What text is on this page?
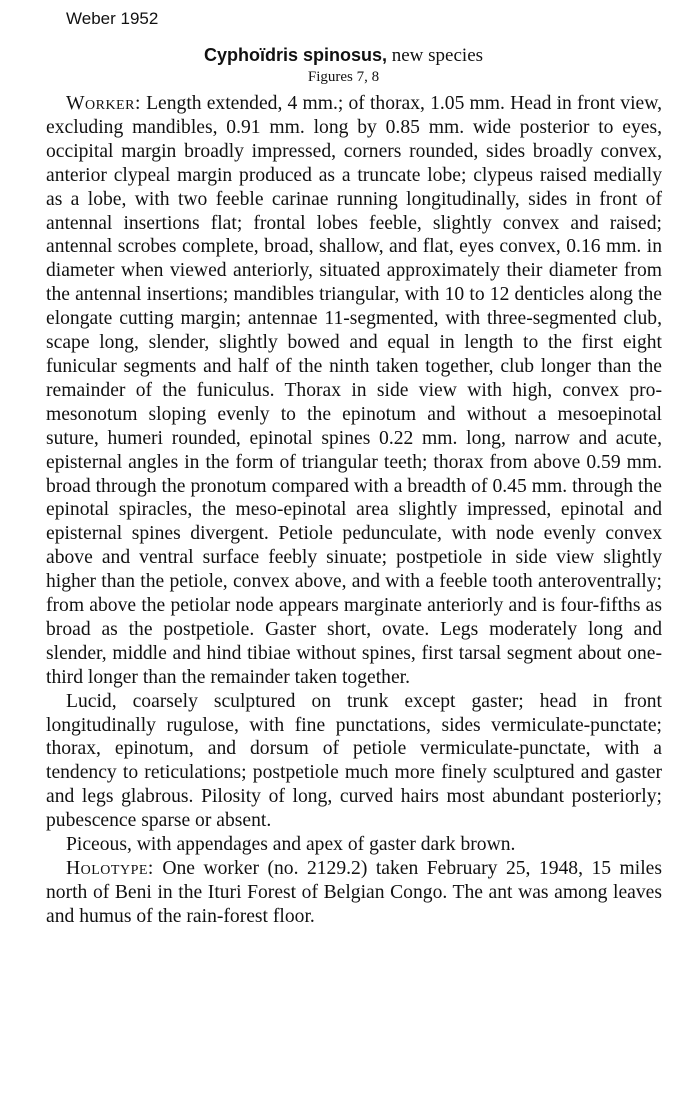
Weber 1952
Cyphoïdris spinosus, new species
Figures 7, 8

Worker: Length extended, 4 mm.; of thorax, 1.05 mm. Head in front view, excluding mandibles, 0.91 mm. long by 0.85 mm. wide posterior to eyes, occipital margin broadly impressed, corners rounded, sides broadly convex, anterior clypeal margin produced as a truncate lobe; clypeus raised medially as a lobe, with two feeble carinae running longitudinally, sides in front of antennal insertions flat; frontal lobes feeble, slightly convex and raised; antennal scrobes complete, broad, shallow, and flat, eyes convex, 0.16 mm. in diameter when viewed anteriorly, situated approximately their diameter from the antennal insertions; mandibles triangular, with 10 to 12 denticles along the elongate cutting margin; antennae 11-segmented, with three-segmented club, scape long, slender, slightly bowed and equal in length to the first eight funicular segments and half of the ninth taken together, club longer than the remainder of the funiculus. Thorax in side view with high, convex promesonotum sloping evenly to the epinotum and without a mesoepinotal suture, humeri rounded, epinotal spines 0.22 mm. long, narrow and acute, episternal angles in the form of triangular teeth; thorax from above 0.59 mm. broad through the pronotum compared with a breadth of 0.45 mm. through the epinotal spiracles, the meso-epinotal area slightly impressed, epinotal and episternal spines divergent. Petiole pedunculate, with node evenly convex above and ventral surface feebly sinuate; postpetiole in side view slightly higher than the petiole, convex above, and with a feeble tooth anteroventrally; from above the petiolar node appears marginate anteriorly and is four-fifths as broad as the postpetiole. Gaster short, ovate. Legs moderately long and slender, middle and hind tibiae without spines, first tarsal segment about one-third longer than the remainder taken together.

Lucid, coarsely sculptured on trunk except gaster; head in front longitudinally rugulose, with fine punctations, sides vermiculate-punctate; thorax, epinotum, and dorsum of petiole vermiculate-punctate, with a tendency to reticulations; postpetiole much more finely sculptured and gaster and legs glabrous. Pilosity of long, curved hairs most abundant posteriorly; pubescence sparse or absent.

Piceous, with appendages and apex of gaster dark brown.

Holotype: One worker (no. 2129.2) taken February 25, 1948, 15 miles north of Beni in the Ituri Forest of Belgian Congo. The ant was among leaves and humus of the rain-forest floor.
